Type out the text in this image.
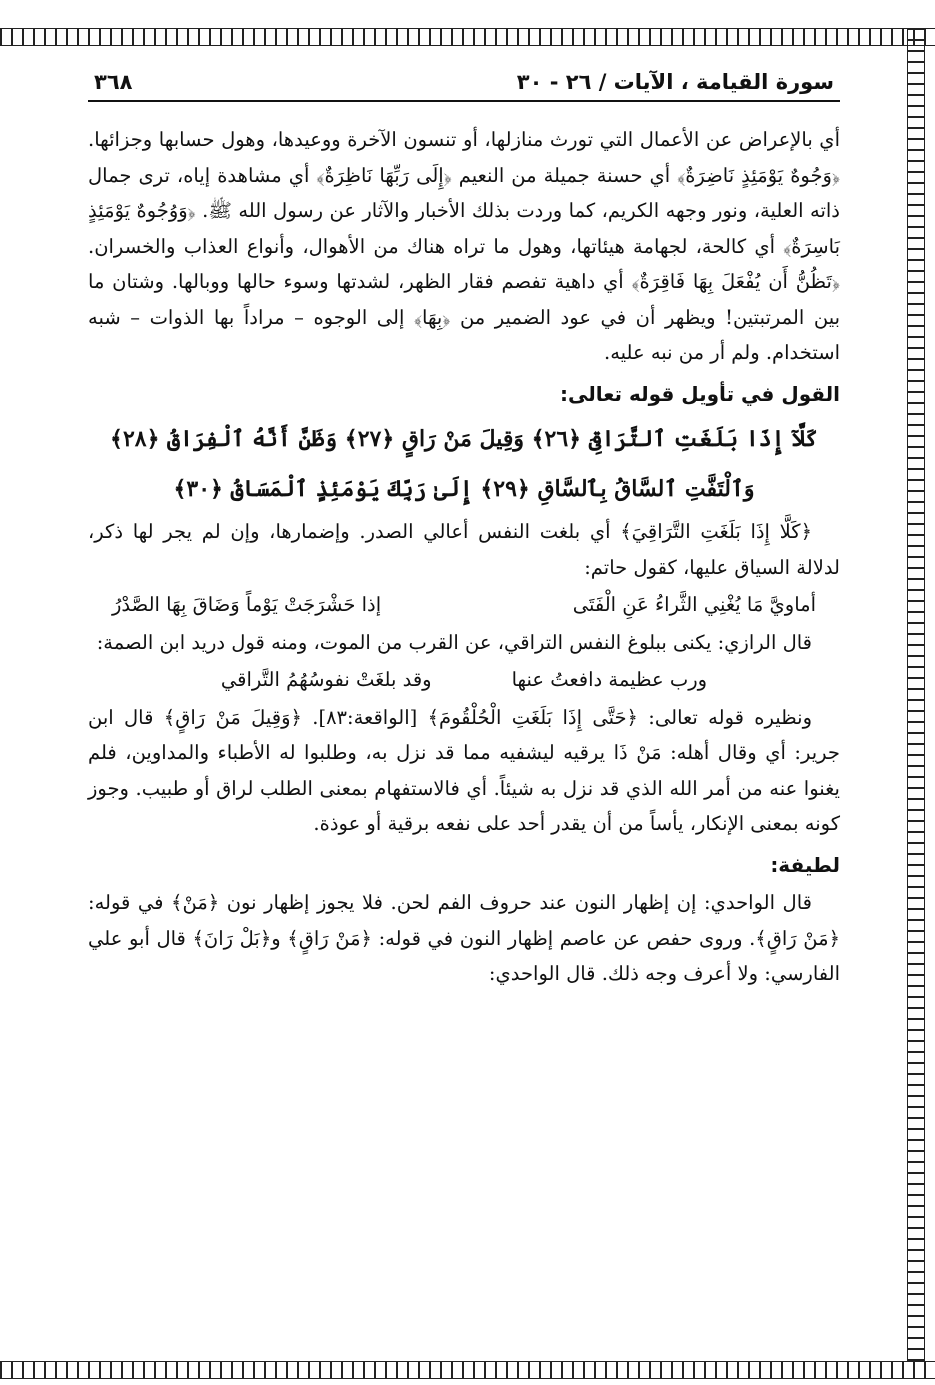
سورة القيامة ، الآيات / ٢٦ - ٣٠
٣٦٨

أي بالإعراض عن الأعمال التي تورث منازلها، أو تنسون الآخرة ووعيدها، وهول حسابها وجزائها. ﴿وَجُوهٌ يَوْمَئِذٍ نَاضِرَةٌ﴾ أي حسنة جميلة من النعيم ﴿إِلَى رَبِّهَا نَاظِرَةٌ﴾ أي مشاهدة إياه، ترى جمال ذاته العلية، ونور وجهه الكريم، كما وردت بذلك الأخبار والآثار عن رسول الله ﷺ. ﴿وَوُجُوهٌ يَوْمَئِذٍ بَاسِرَةٌ﴾ أي كالحة، لجهامة هيئاتها، وهول ما تراه هناك من الأهوال، وأنواع العذاب والخسران. ﴿تَظُنُّ أَن يُفْعَلَ بِهَا فَاقِرَةٌ﴾ أي داهية تفصم فقار الظهر، لشدتها وسوء حالها ووبالها. وشتان ما بين المرتبتين! ويظهر أن في عود الضمير من ﴿بِهَا﴾ إلى الوجوه – مراداً بها الذوات – شبه استخدام. ولم أر من نبه عليه.

القول في تأويل قوله تعالى:

كَلَّآ إِذَا بَلَغَتِ ٱلتَّرَاقِىَ ﴿٢٦﴾ وَقِيلَ مَنْ رَاقٍ ﴿٢٧﴾ وَظَنَّ أَنَّهُ ٱلْفِرَاقُ ﴿٢٨﴾ وَٱلْتَفَّتِ ٱلسَّاقُ بِٱلسَّاقِ ﴿٢٩﴾ إِلَىٰ رَبِّكَ يَوْمَئِذٍ ٱلْمَسَاقُ ﴿٣٠﴾

﴿كَلَّا إِذَا بَلَغَتِ التَّرَاقِيَ﴾ أي بلغت النفس أعالي الصدر. وإضمارها، وإن لم يجر لها ذكر، لدلالة السياق عليها، كقول حاتم:

أماويَّ مَا يُغْنِي الثَّراءُ عَنِ الْفَتَى
إذا حَشْرَجَتْ يَوْماً وَضَاقَ بِهَا الصَّدْرُ

قال الرازي: يكنى ببلوغ النفس التراقي، عن القرب من الموت، ومنه قول دريد ابن الصمة:

ورب عظيمة دافعتُ عنها
وقد بلغَتْ نفوسُهُمُ التَّراقي

ونظيره قوله تعالى: ﴿حَتَّى إِذَا بَلَغَتِ الْحُلْقُومَ﴾ [الواقعة:٨٣]. ﴿وَقِيلَ مَنْ رَاقٍ﴾ قال ابن جرير: أي وقال أهله: مَنْ ذَا يرقيه ليشفيه مما قد نزل به، وطلبوا له الأطباء والمداوين، فلم يغنوا عنه من أمر الله الذي قد نزل به شيئاً. أي فالاستفهام بمعنى الطلب لراق أو طبيب. وجوز كونه بمعنى الإنكار، يأساً من أن يقدر أحد على نفعه برقية أو عوذة.

لطيفة:

قال الواحدي: إن إظهار النون عند حروف الفم لحن. فلا يجوز إظهار نون ﴿مَنْ﴾ في قوله: ﴿مَنْ رَاقٍ﴾. وروى حفص عن عاصم إظهار النون في قوله: ﴿مَنْ رَاقٍ﴾ و﴿بَلْ رَانَ﴾ قال أبو علي الفارسي: ولا أعرف وجه ذلك. قال الواحدي:
